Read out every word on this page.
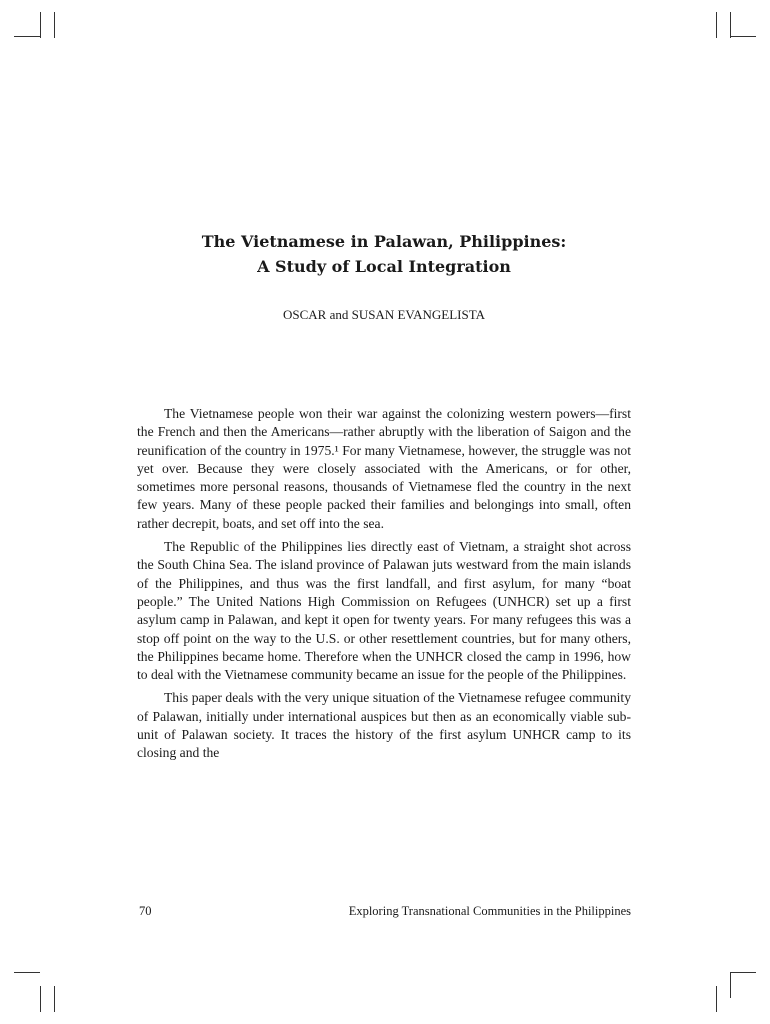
The Vietnamese in Palawan, Philippines:
A Study of Local Integration
OSCAR and SUSAN EVANGELISTA

The Vietnamese people won their war against the colonizing western powers—first the French and then the Americans—rather abruptly with the liberation of Saigon and the reunification of the country in 1975.¹ For many Vietnamese, however, the struggle was not yet over. Because they were closely associated with the Americans, or for other, sometimes more personal reasons, thousands of Vietnamese fled the country in the next few years. Many of these people packed their families and belongings into small, often rather decrepit, boats, and set off into the sea.

The Republic of the Philippines lies directly east of Vietnam, a straight shot across the South China Sea. The island province of Palawan juts westward from the main islands of the Philippines, and thus was the first landfall, and first asylum, for many “boat people.” The United Nations High Commission on Refugees (UNHCR) set up a first asylum camp in Palawan, and kept it open for twenty years. For many refugees this was a stop off point on the way to the U.S. or other resettlement countries, but for many others, the Philippines became home. Therefore when the UNHCR closed the camp in 1996, how to deal with the Vietnamese community became an issue for the people of the Philippines.

This paper deals with the very unique situation of the Vietnamese refugee community of Palawan, initially under international auspices but then as an economically viable sub-unit of Palawan society. It traces the history of the first asylum UNHCR camp to its closing and the

70	Exploring Transnational Communities in the Philippines
